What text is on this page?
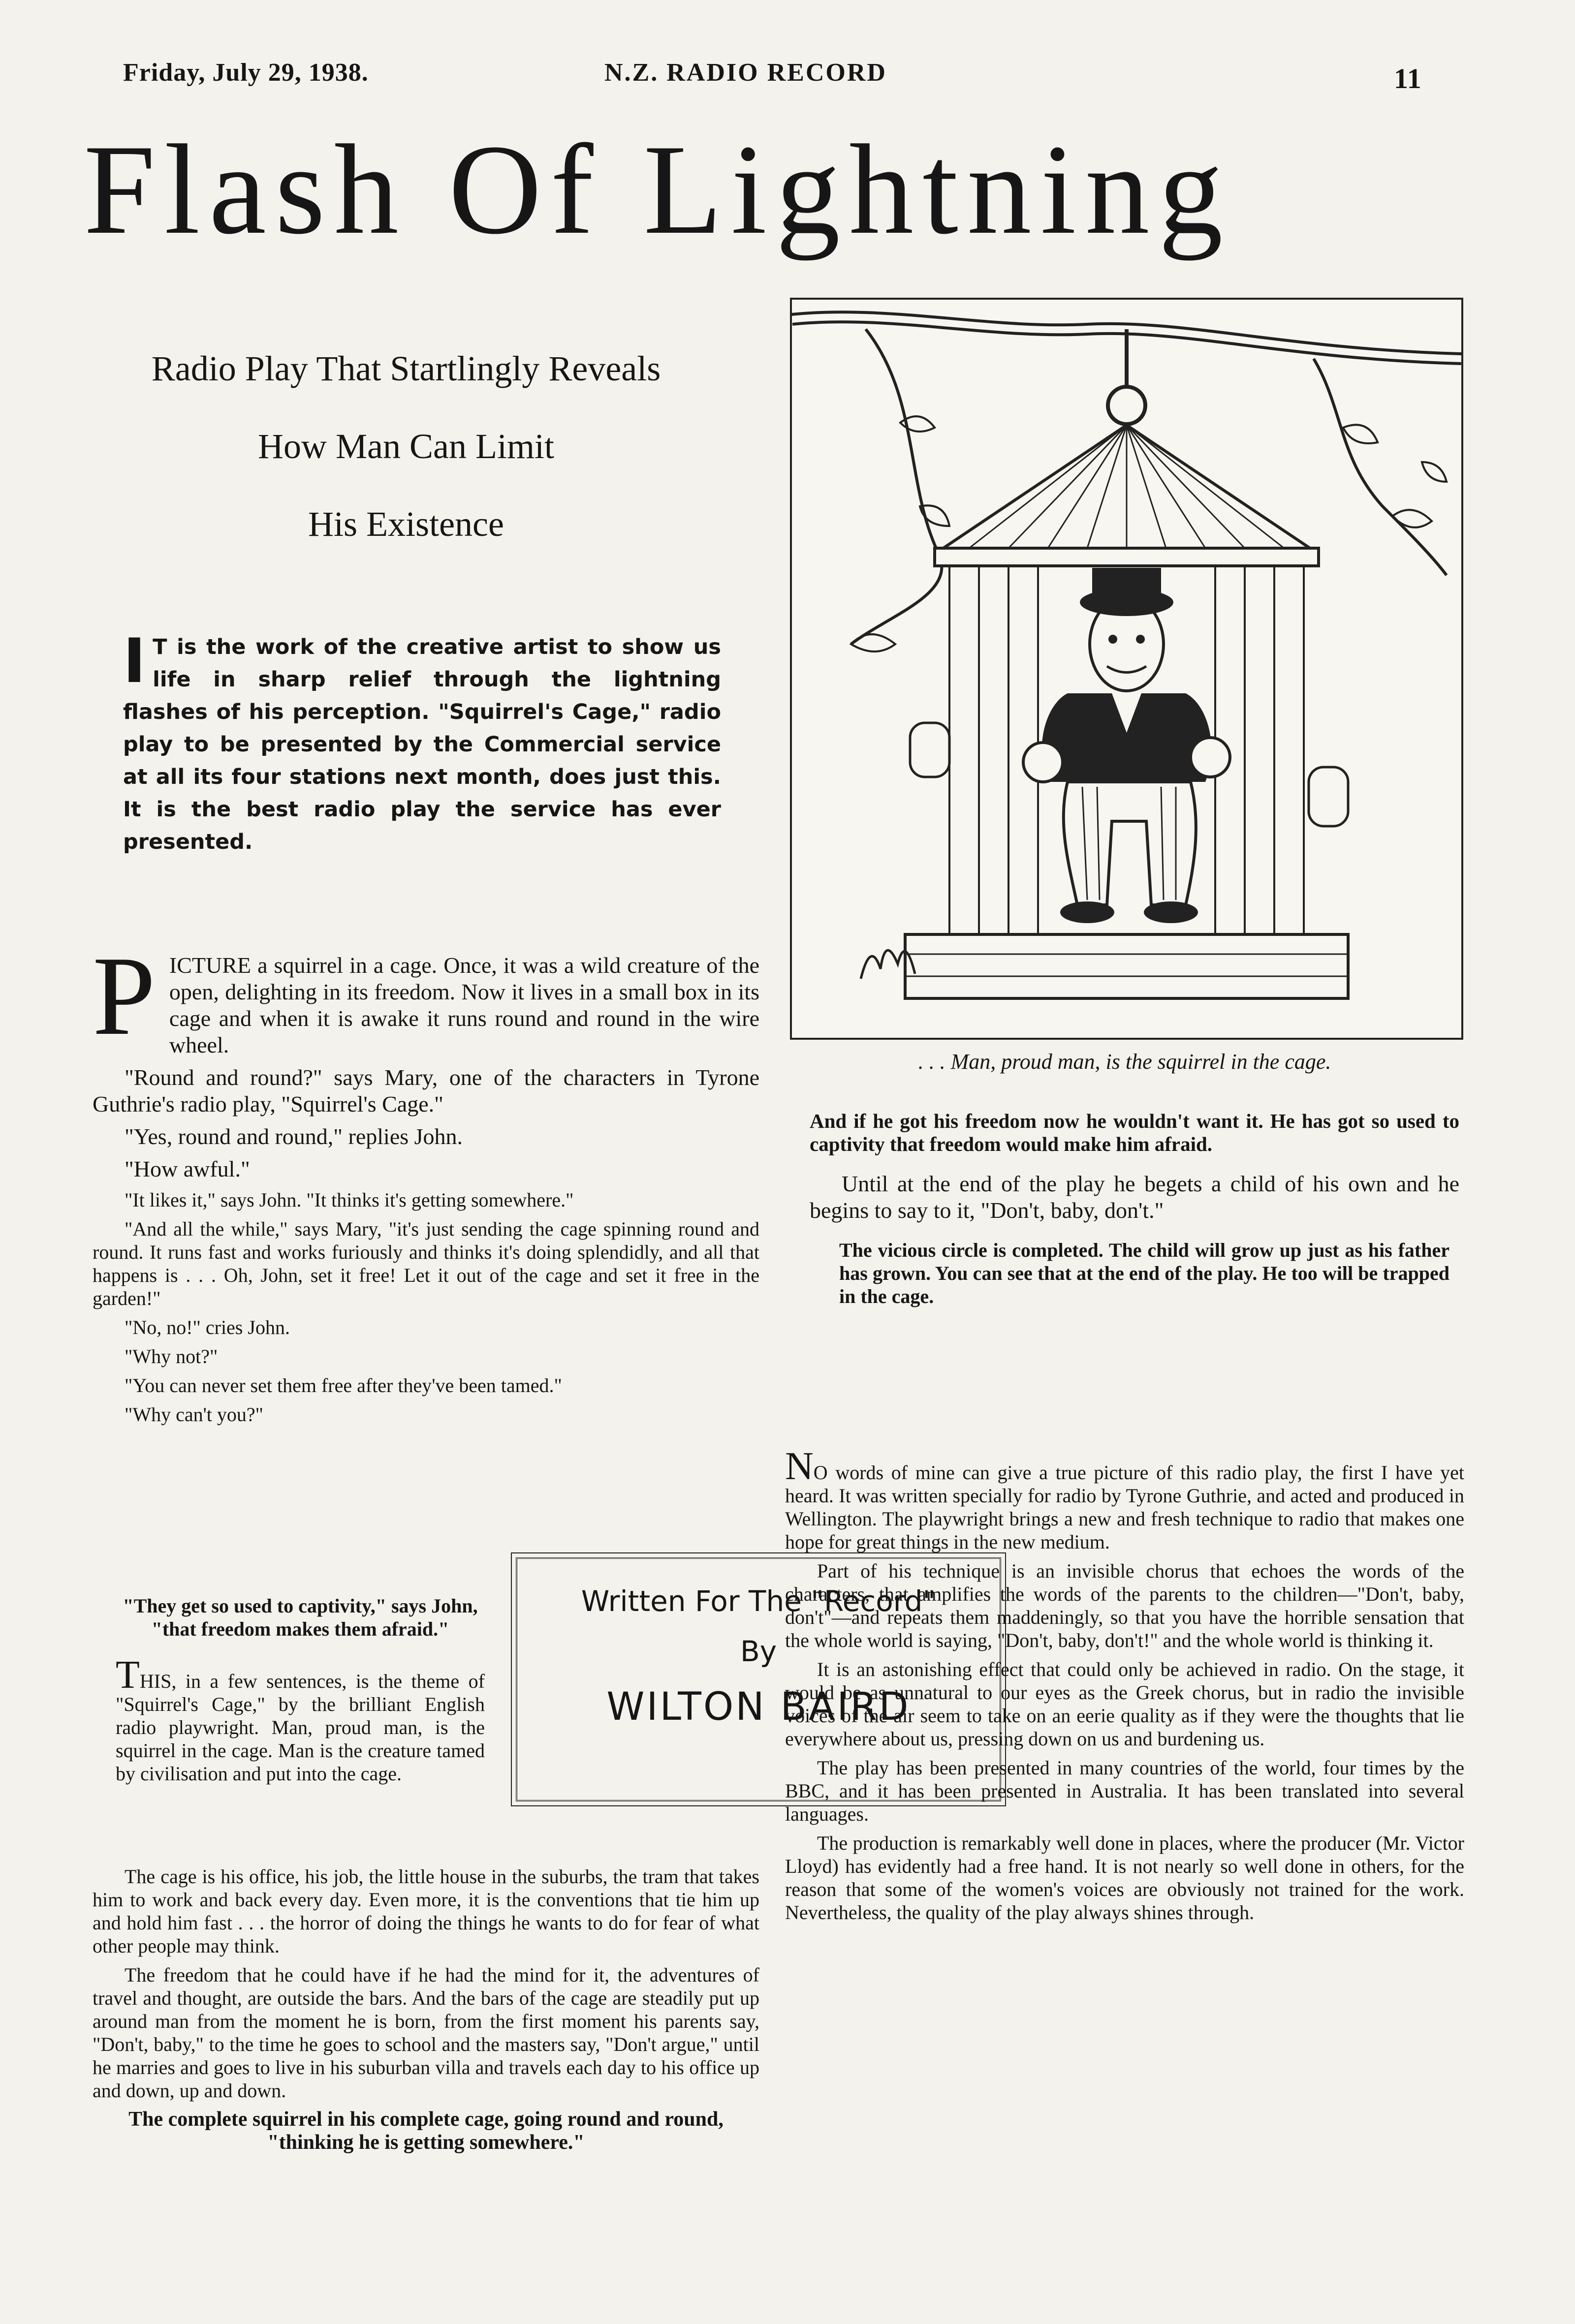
Friday, July 29, 1938.	N.Z. RADIO RECORD	11
Flash Of Lightning
Radio Play That Startlingly Reveals
How Man Can Limit
His Existence
I T is the work of the creative artist to show us life in sharp relief through the lightning flashes of his perception. "Squirrel's Cage," radio play to be presented by the Commercial service at all its four stations next month, does just this. It is the best radio play the service has ever presented.
. . . Man, proud man, is the squirrel in the cage.

PICTURE a squirrel in a cage. Once, it was a wild creature of the open, delighting in its freedom. Now it lives in a small box in its cage and when it is awake it runs round and round in the wire wheel.

"Round and round?" says Mary, one of the characters in Tyrone Guthrie's radio play, "Squirrel's Cage."

"Yes, round and round," replies John.

"How awful."

"It likes it," says John. "It thinks it's getting somewhere."

"And all the while," says Mary, "it's just sending the cage spinning round and round. It runs fast and works furiously and thinks it's doing splendidly, and all that happens is . . . Oh, John, set it free! Let it out of the cage and set it free in the garden!"

"No, no!" cries John.

"Why not?"

"You can never set them free after they've been tamed."

"Why can't you?"

"They get so used to captivity," says John, "that freedom makes them afraid."

THIS, in a few sentences, is the theme of "Squirrel's Cage," by the brilliant English radio playwright. Man, proud man, is the squirrel in the cage. Man is the creature tamed by civilisation and put into the cage.

Written For The "Record"
By
WILTON BAIRD

The cage is his office, his job, the little house in the suburbs, the tram that takes him to work and back every day. Even more, it is the conventions that tie him up and hold him fast . . . the horror of doing the things he wants to do for fear of what other people may think.

The freedom that he could have if he had the mind for it, the adventures of travel and thought, are outside the bars. And the bars of the cage are steadily put up around man from the moment he is born, from the first moment his parents say, "Don't, baby," to the time he goes to school and the masters say, "Don't argue," until he marries and goes to live in his suburban villa and travels each day to his office up and down, up and down.

The complete squirrel in his complete cage, going round and round, "thinking he is getting somewhere."

And if he got his freedom now he wouldn't want it. He has got so used to captivity that freedom would make him afraid.

Until at the end of the play he begets a child of his own and he begins to say to it, "Don't, baby, don't."

The vicious circle is completed. The child will grow up just as his father has grown. You can see that at the end of the play. He too will be trapped in the cage.

NO words of mine can give a true picture of this radio play, the first I have yet heard. It was written specially for radio by Tyrone Guthrie, and acted and produced in Wellington. The playwright brings a new and fresh technique to radio that makes one hope for great things in the new medium.

Part of his technique is an invisible chorus that echoes the words of the characters, that amplifies the words of the parents to the children—"Don't, baby, don't"—and repeats them maddeningly, so that you have the horrible sensation that the whole world is saying, "Don't, baby, don't!" and the whole world is thinking it.

It is an astonishing effect that could only be achieved in radio. On the stage, it would be as unnatural to our eyes as the Greek chorus, but in radio the invisible voices of the air seem to take on an eerie quality as if they were the thoughts that lie everywhere about us, pressing down on us and burdening us.

The play has been presented in many countries of the world, four times by the BBC, and it has been presented in Australia. It has been translated into several languages.

The production is remarkably well done in places, where the producer (Mr. Victor Lloyd) has evidently had a free hand. It is not nearly so well done in others, for the reason that some of the women's voices are obviously not trained for the work. Nevertheless, the quality of the play always shines through.
